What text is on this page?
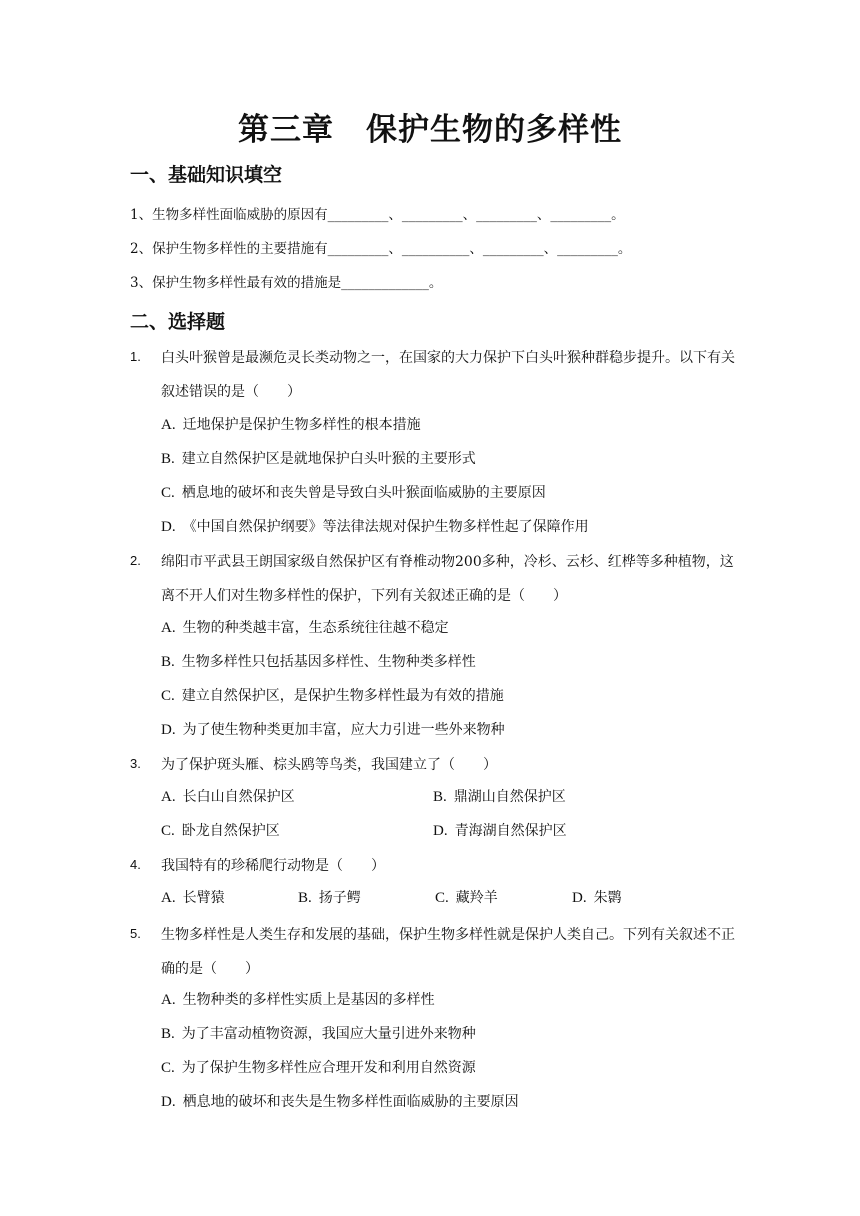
第三章　保护生物的多样性
一、基础知识填空
1、生物多样性面临威胁的原因有_________、_________、_________、_________。
2、保护生物多样性的主要措施有_________、__________、_________、_________。
3、保护生物多样性最有效的措施是_____________。
二、选择题
1. 白头叶猴曾是最濒危灵长类动物之一，在国家的大力保护下白头叶猴种群稳步提升。以下有关叙述错误的是（　　）
A. 迁地保护是保护生物多样性的根本措施
B. 建立自然保护区是就地保护白头叶猴的主要形式
C. 栖息地的破坏和丧失曾是导致白头叶猴面临威胁的主要原因
D. 《中国自然保护纲要》等法律法规对保护生物多样性起了保障作用
2. 绵阳市平武县王朗国家级自然保护区有脊椎动物200多种，冷杉、云杉、红桦等多种植物，这离不开人们对生物多样性的保护，下列有关叙述正确的是（　　）
A. 生物的种类越丰富，生态系统往往越不稳定
B. 生物多样性只包括基因多样性、生物种类多样性
C. 建立自然保护区，是保护生物多样性最为有效的措施
D. 为了使生物种类更加丰富，应大力引进一些外来物种
3. 为了保护斑头雁、棕头鸥等鸟类，我国建立了（　　）
A. 长白山自然保护区	B. 鼎湖山自然保护区
C. 卧龙自然保护区	D. 青海湖自然保护区
4. 我国特有的珍稀爬行动物是（　　）
A. 长臂猿	B. 扬子鳄	C. 藏羚羊	D. 朱鹮
5. 生物多样性是人类生存和发展的基础，保护生物多样性就是保护人类自己。下列有关叙述不正确的是（　　）
A. 生物种类的多样性实质上是基因的多样性
B. 为了丰富动植物资源，我国应大量引进外来物种
C. 为了保护生物多样性应合理开发和利用自然资源
D. 栖息地的破坏和丧失是生物多样性面临威胁的主要原因
